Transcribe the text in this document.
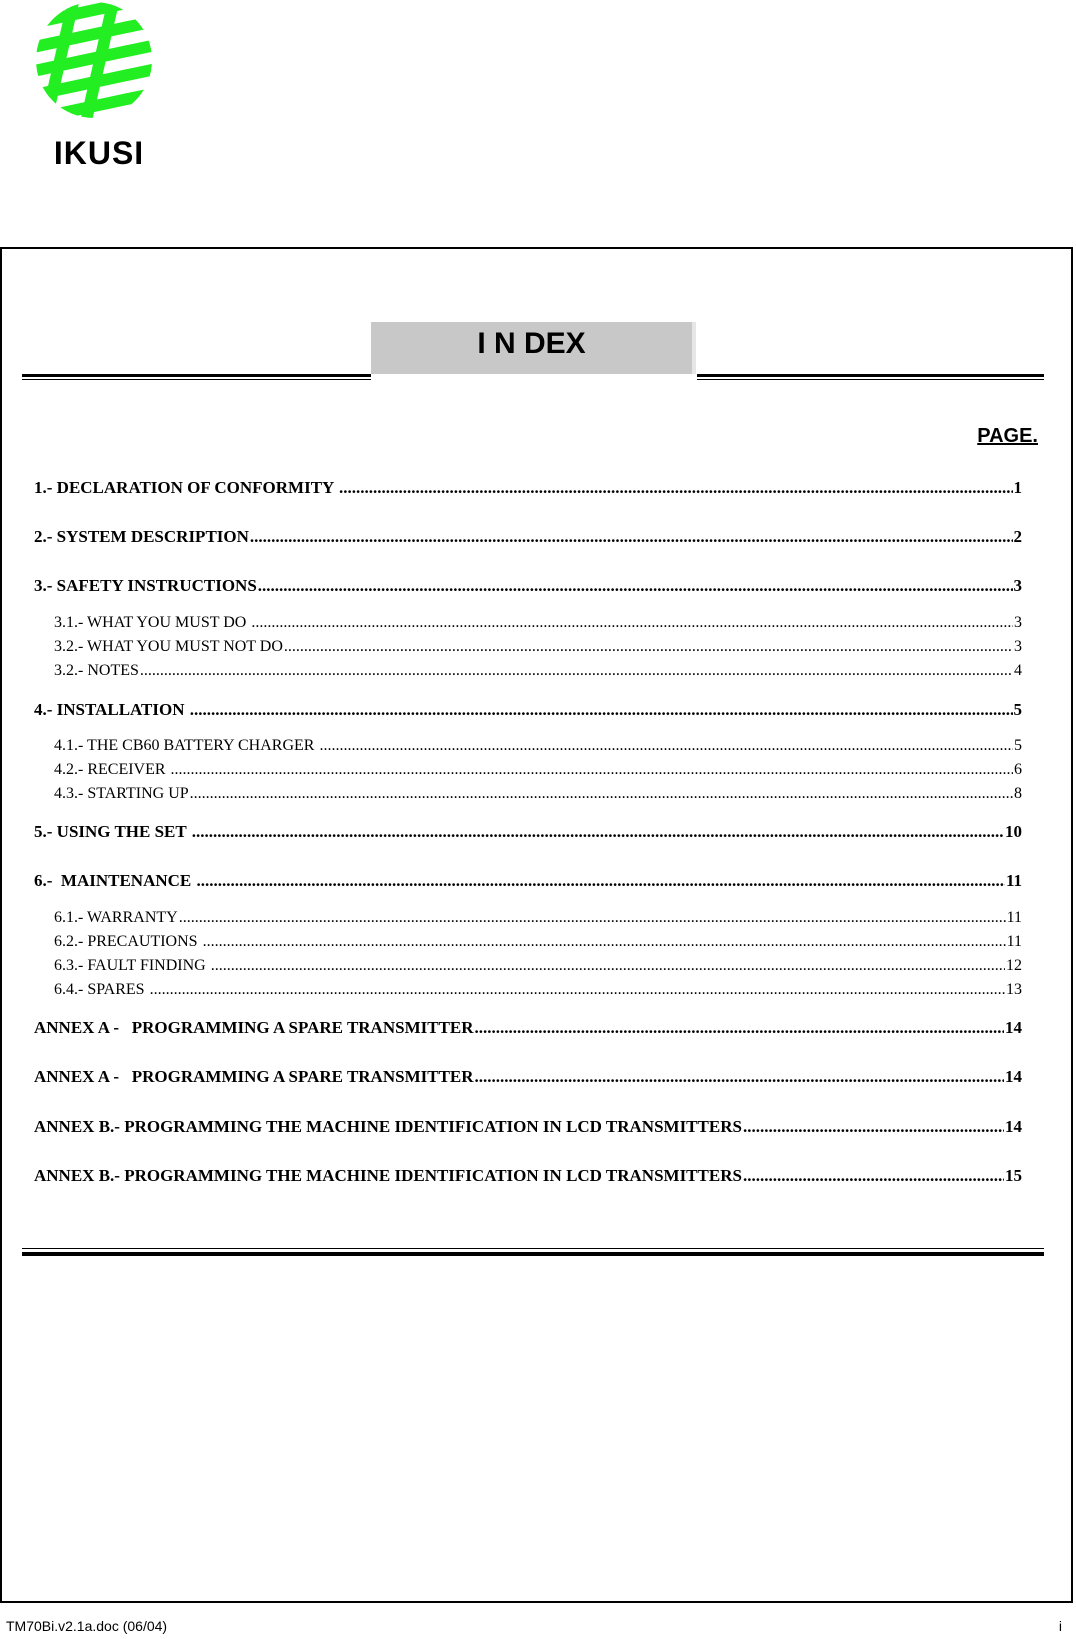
IKUSI
I N DEX
PAGE.
1.- DECLARATION OF CONFORMITY .....	1
2.- SYSTEM DESCRIPTION .....	2
3.- SAFETY INSTRUCTIONS .....	3
3.1.- WHAT YOU MUST DO .....	3
3.2.- WHAT YOU MUST NOT DO .....	3
3.2.- NOTES .....	4
4.- INSTALLATION .....	5
4.1.- THE CB60 BATTERY CHARGER .....	5
4.2.- RECEIVER .....	6
4.3.- STARTING UP .....	8
5.- USING THE SET .....	10
6.-  MAINTENANCE .....	11
6.1.- WARRANTY .....	11
6.2.- PRECAUTIONS .....	11
6.3.- FAULT FINDING .....	12
6.4.- SPARES .....	13
ANNEX A -   PROGRAMMING A SPARE TRANSMITTER .....	14
ANNEX A -   PROGRAMMING A SPARE TRANSMITTER .....	14
ANNEX B.- PROGRAMMING THE MACHINE IDENTIFICATION IN LCD TRANSMITTERS .....	14
ANNEX B.- PROGRAMMING THE MACHINE IDENTIFICATION IN LCD TRANSMITTERS .....	15
TM70Bi.v2.1a.doc (06/04)	i
